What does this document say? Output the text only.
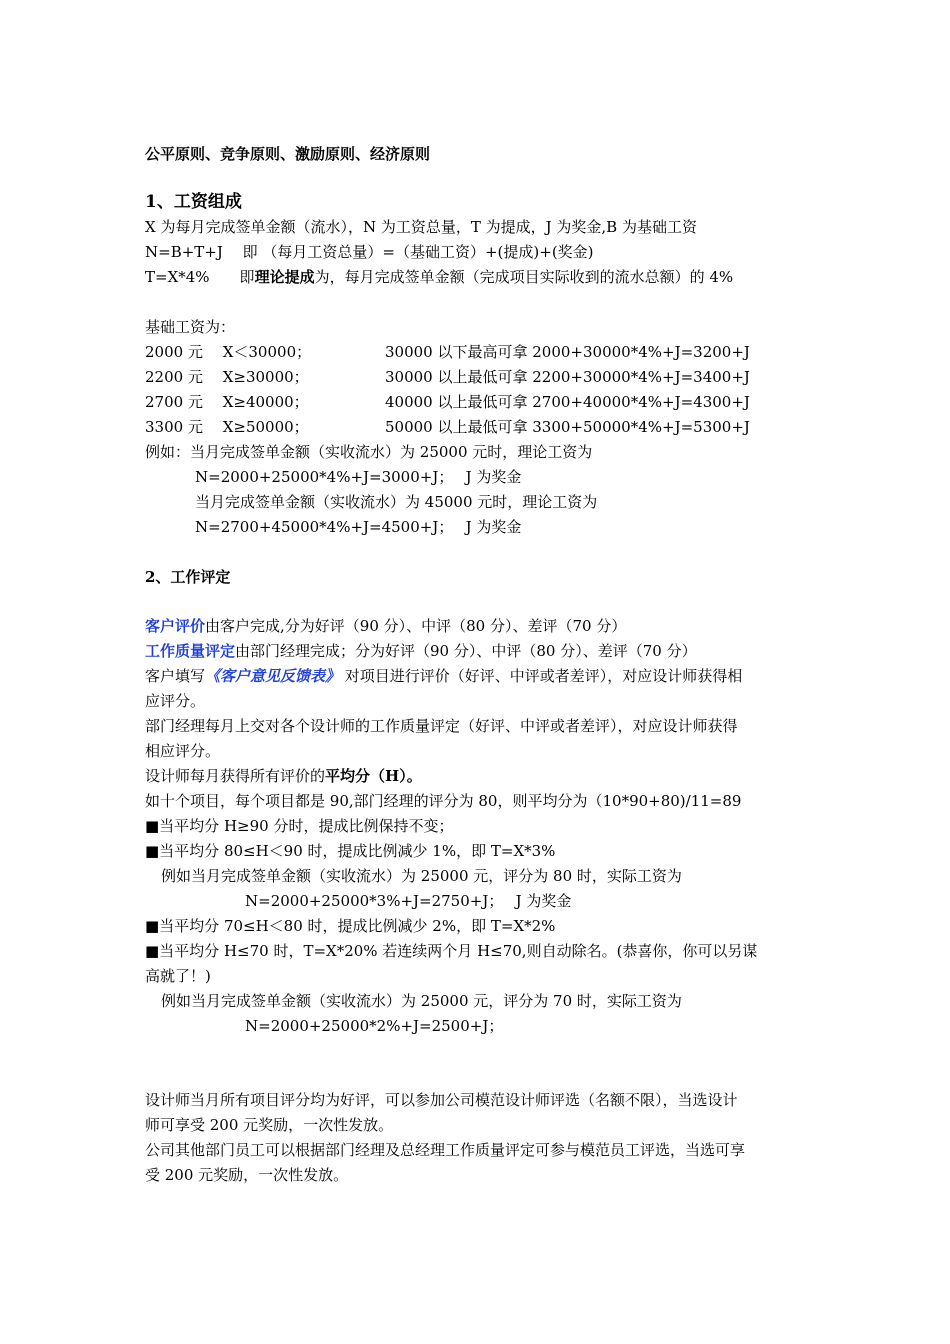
公平原则、竞争原则、激励原则、经济原则
1、工资组成
X 为每月完成签单金额（流水），N 为工资总量，T 为提成，J 为奖金,B 为基础工资
N=B+T+J　 即 （每月工资总量）=（基础工资）+(提成)+(奖金)
T=X*4%　　即理论提成为，每月完成签单金额（完成项目实际收到的流水总额）的 4%
基础工资为：
2000 元 　X＜30000；	30000 以下最高可拿 2000+30000*4%+J=3200+J
2200 元 　X≥30000；	30000 以上最低可拿 2200+30000*4%+J=3400+J
2700 元 　X≥40000；	40000 以上最低可拿 2700+40000*4%+J=4300+J
3300 元 　X≥50000；	50000 以上最低可拿 3300+50000*4%+J=5300+J
例如：当月完成签单金额（实收流水）为 25000 元时，理论工资为
N=2000+25000*4%+J=3000+J；　 J 为奖金
当月完成签单金额（实收流水）为 45000 元时，理论工资为
N=2700+45000*4%+J=4500+J；　 J 为奖金
2、工作评定
客户评价由客户完成,分为好评（90 分）、中评（80 分）、差评（70 分）
工作质量评定由部门经理完成；分为好评（90 分）、中评（80 分）、差评（70 分）
客户填写《客户意见反馈表》 对项目进行评价（好评、中评或者差评），对应设计师获得相
应评分。
部门经理每月上交对各个设计师的工作质量评定（好评、中评或者差评），对应设计师获得
相应评分。
设计师每月获得所有评价的平均分（H）。
如十个项目，每个项目都是 90,部门经理的评分为 80，则平均分为（10*90+80)/11=89
■当平均分 H≥90 分时，提成比例保持不变；
■当平均分 80≤H＜90 时，提成比例减少 1%，即 T=X*3%
例如当月完成签单金额（实收流水）为 25000 元，评分为 80 时，实际工资为
N=2000+25000*3%+J=2750+J；　 J 为奖金
■当平均分 70≤H＜80 时，提成比例减少 2%，即 T=X*2%
■当平均分 H≤70 时，T=X*20% 若连续两个月 H≤70,则自动除名。(恭喜你，你可以另谋
高就了！)
例如当月完成签单金额（实收流水）为 25000 元，评分为 70 时，实际工资为
N=2000+25000*2%+J=2500+J；
设计师当月所有项目评分均为好评，可以参加公司模范设计师评选（名额不限），当选设计
师可享受 200 元奖励，一次性发放。
公司其他部门员工可以根据部门经理及总经理工作质量评定可参与模范员工评选，当选可享
受 200 元奖励，一次性发放。
